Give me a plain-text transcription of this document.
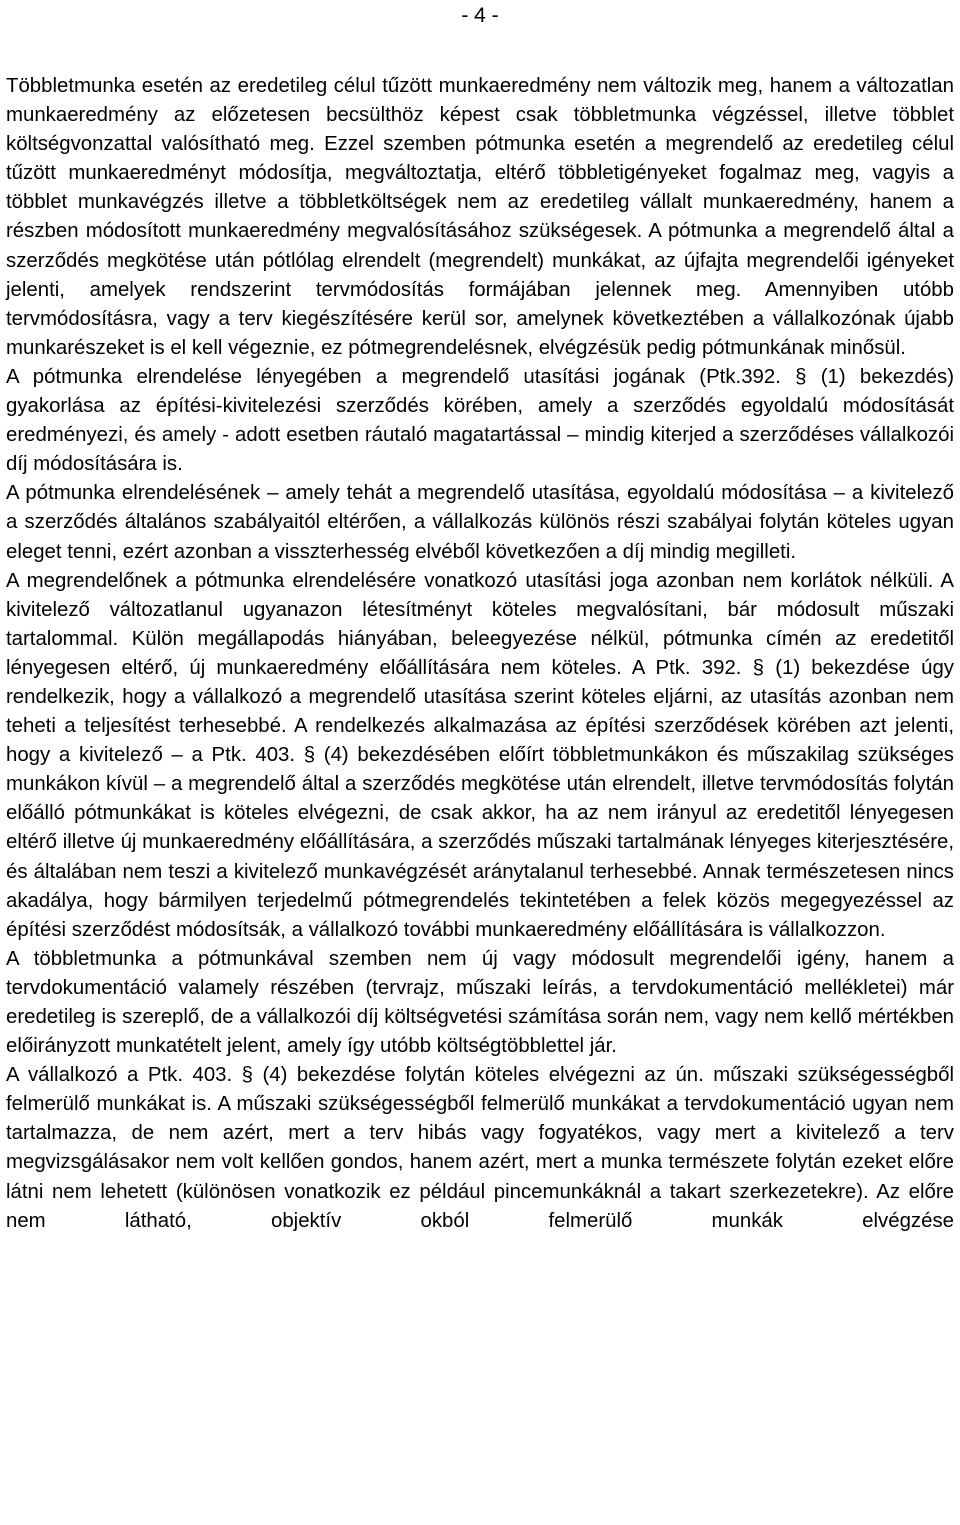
- 4 -

Többletmunka esetén az eredetileg célul tűzött munkaeredmény nem változik meg, hanem a változatlan munkaeredmény az előzetesen becsülthöz képest csak többletmunka végzéssel, illetve többlet költségvonzattal valósítható meg. Ezzel szemben pótmunka esetén a megrendelő az eredetileg célul tűzött munkaeredményt módosítja, megváltoztatja, eltérő többletigényeket fogalmaz meg, vagyis a többlet munkavégzés illetve a többletköltségek nem az eredetileg vállalt munkaeredmény, hanem a részben módosított munkaeredmény megvalósításához szükségesek. A pótmunka a megrendelő által a szerződés megkötése után pótlólag elrendelt (megrendelt) munkákat, az újfajta megrendelői igényeket jelenti, amelyek rendszerint tervmódosítás formájában jelennek meg. Amennyiben utóbb tervmódosításra, vagy a terv kiegészítésére kerül sor, amelynek következtében a vállalkozónak újabb munkarészeket is el kell végeznie, ez pótmegrendelésnek, elvégzésük pedig pótmunkának minősül.

A pótmunka elrendelése lényegében a megrendelő utasítási jogának (Ptk.392. § (1) bekezdés) gyakorlása az építési-kivitelezési szerződés körében, amely a szerződés egyoldalú módosítását eredményezi, és amely - adott esetben ráutaló magatartással – mindig kiterjed a szerződéses vállalkozói díj módosítására is.

A pótmunka elrendelésének – amely tehát a megrendelő utasítása, egyoldalú módosítása – a kivitelező a szerződés általános szabályaitól eltérően, a vállalkozás különös részi szabályai folytán köteles ugyan eleget tenni, ezért azonban a visszterhesség elvéből következően a díj mindig megilleti.

A megrendelőnek a pótmunka elrendelésére vonatkozó utasítási joga azonban nem korlátok nélküli. A kivitelező változatlanul ugyanazon létesítményt köteles megvalósítani, bár módosult műszaki tartalommal. Külön megállapodás hiányában, beleegyezése nélkül, pótmunka címén az eredetitől lényegesen eltérő, új munkaeredmény előállítására nem köteles. A Ptk. 392. § (1) bekezdése úgy rendelkezik, hogy a vállalkozó a megrendelő utasítása szerint köteles eljárni, az utasítás azonban nem teheti a teljesítést terhesebbé. A rendelkezés alkalmazása az építési szerződések körében azt jelenti, hogy a kivitelező – a Ptk. 403. § (4) bekezdésében előírt többletmunkákon és műszakilag szükséges munkákon kívül – a megrendelő által a szerződés megkötése után elrendelt, illetve tervmódosítás folytán előálló pótmunkákat is köteles elvégezni, de csak akkor, ha az nem irányul az eredetitől lényegesen eltérő illetve új munkaeredmény előállítására, a szerződés műszaki tartalmának lényeges kiterjesztésére, és általában nem teszi a kivitelező munkavégzését aránytalanul terhesebbé. Annak természetesen nincs akadálya, hogy bármilyen terjedelmű pótmegrendelés tekintetében a felek közös megegyezéssel az építési szerződést módosítsák, a vállalkozó további munkaeredmény előállítására is vállalkozzon.

A többletmunka a pótmunkával szemben nem új vagy módosult megrendelői igény, hanem a tervdokumentáció valamely részében (tervrajz, műszaki leírás, a tervdokumentáció mellékletei) már eredetileg is szereplő, de a vállalkozói díj költségvetési számítása során nem, vagy nem kellő mértékben előirányzott munkatételt jelent, amely így utóbb költségtöbblettel jár.

A vállalkozó a Ptk. 403. § (4) bekezdése folytán köteles elvégezni az ún. műszaki szükségességből felmerülő munkákat is. A műszaki szükségességből felmerülő munkákat a tervdokumentáció ugyan nem tartalmazza, de nem azért, mert a terv hibás vagy fogyatékos, vagy mert a kivitelező a terv megvizsgálásakor nem volt kellően gondos, hanem azért, mert a munka természete folytán ezeket előre látni nem lehetett (különösen vonatkozik ez például pincemunkáknál a takart szerkezetekre). Az előre nem látható, objektív okból felmerülő munkák elvégzése
